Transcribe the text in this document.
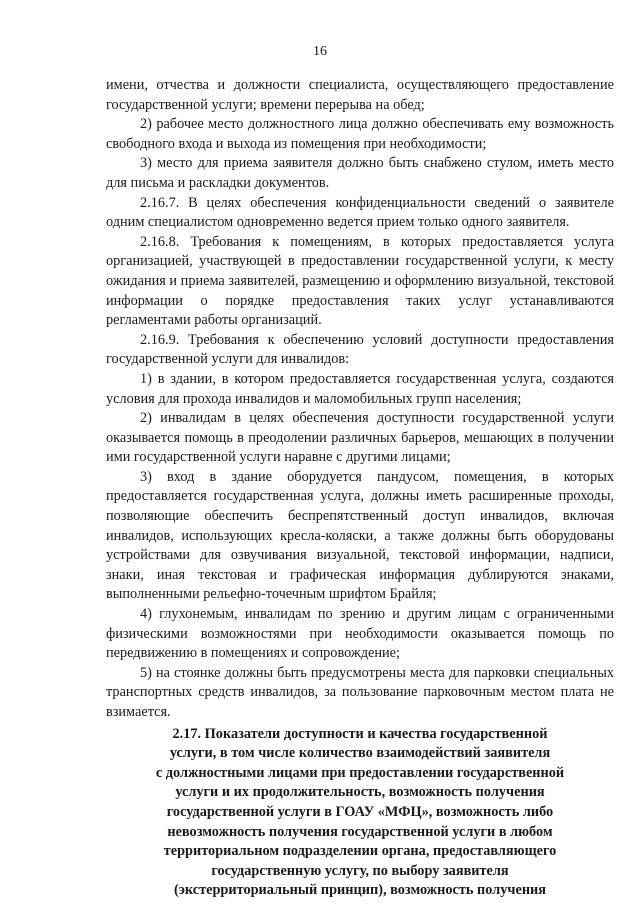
16

имени, отчества и должности специалиста, осуществляющего предоставление государственной услуги; времени перерыва на обед;

2) рабочее место должностного лица должно обеспечивать ему возможность свободного входа и выхода из помещения при необходимости;

3) место для приема заявителя должно быть снабжено стулом, иметь место для письма и раскладки документов.

2.16.7. В целях обеспечения конфиденциальности сведений о заявителе одним специалистом одновременно ведется прием только одного заявителя.

2.16.8. Требования к помещениям, в которых предоставляется услуга организацией, участвующей в предоставлении государственной услуги, к месту ожидания и приема заявителей, размещению и оформлению визуальной, текстовой информации о порядке предоставления таких услуг устанавливаются регламентами работы организаций.

2.16.9. Требования к обеспечению условий доступности предоставления государственной услуги для инвалидов:

1) в здании, в котором предоставляется государственная услуга, создаются условия для прохода инвалидов и маломобильных групп населения;

2) инвалидам в целях обеспечения доступности государственной услуги оказывается помощь в преодолении различных барьеров, мешающих в получении ими государственной услуги наравне с другими лицами;

3) вход в здание оборудуется пандусом, помещения, в которых предоставляется государственная услуга, должны иметь расширенные проходы, позволяющие обеспечить беспрепятственный доступ инвалидов, включая инвалидов, использующих кресла-коляски, а также должны быть оборудованы устройствами для озвучивания визуальной, текстовой информации, надписи, знаки, иная текстовая и графическая информация дублируются знаками, выполненными рельефно-точечным шрифтом Брайля;

4) глухонемым, инвалидам по зрению и другим лицам с ограниченными физическими возможностями при необходимости оказывается помощь по передвижению в помещениях и сопровождение;

5) на стоянке должны быть предусмотрены места для парковки специальных транспортных средств инвалидов, за пользование парковочным местом плата не взимается.

2.17. Показатели доступности и качества государственной
услуги, в том числе количество взаимодействий заявителя
с должностными лицами при предоставлении государственной
услуги и их продолжительность, возможность получения
государственной услуги в ГОАУ «МФЦ», возможность либо
невозможность получения государственной услуги в любом
территориальном подразделении органа, предоставляющего
государственную услугу, по выбору заявителя
(экстерриториальный принцип), возможность получения
